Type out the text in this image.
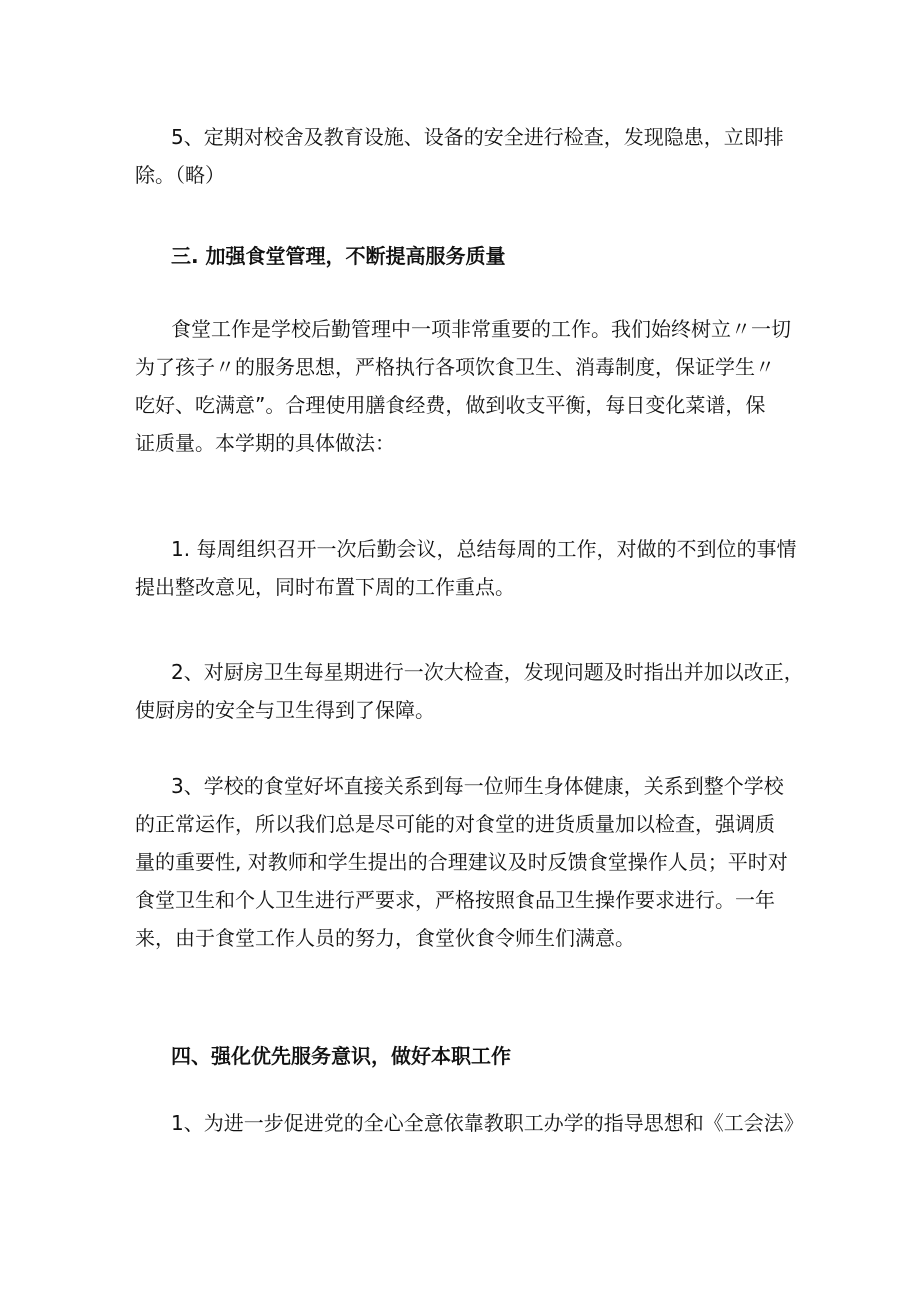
5、定期对校舍及教育设施、设备的安全进行检查，发现隐患，立即排
除。（略）
三. 加强食堂管理，不断提高服务质量
食堂工作是学校后勤管理中一项非常重要的工作。我们始终树立〃一切
为了孩子〃的服务思想，严格执行各项饮食卫生、消毒制度，保证学生〃
吃好、吃满意”。合理使用膳食经费，做到收支平衡，每日变化菜谱，保
证质量。本学期的具体做法：
1. 每周组织召开一次后勤会议，总结每周的工作，对做的不到位的事情
提出整改意见，同时布置下周的工作重点。
2、对厨房卫生每星期进行一次大检查，发现问题及时指出并加以改正，
使厨房的安全与卫生得到了保障。
3、学校的食堂好坏直接关系到每一位师生身体健康，关系到整个学校
的正常运作，所以我们总是尽可能的对食堂的进货质量加以检查，强调质
量的重要性, 对教师和学生提出的合理建议及时反馈食堂操作人员；平时对
食堂卫生和个人卫生进行严要求，严格按照食品卫生操作要求进行。一年
来，由于食堂工作人员的努力，食堂伙食令师生们满意。
四、强化优先服务意识，做好本职工作
1、为进一步促进党的全心全意依靠教职工办学的指导思想和《工会法》
